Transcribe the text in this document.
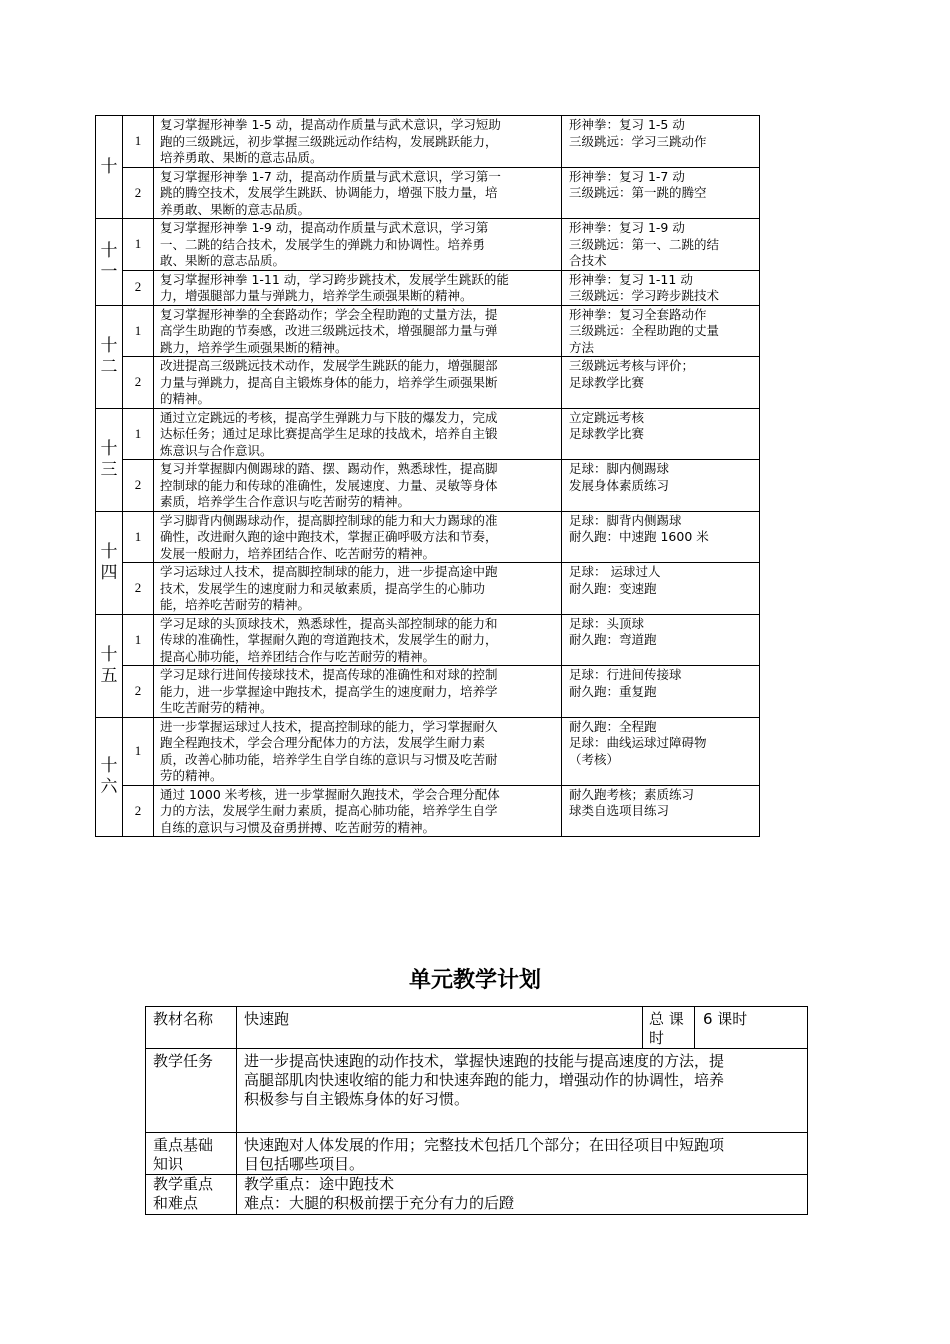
十	1	复习掌握形神拳 1-5 动，提高动作质量与武术意识，学习短助
跑的三级跳远，初步掌握三级跳远动作结构，发展跳跃能力，
培养勇敢、果断的意志品质。	形神拳：复习 1-5 动
三级跳远：学习三跳动作

	2	复习掌握形神拳 1-7 动，提高动作质量与武术意识，学习第一
跳的腾空技术，发展学生跳跃、协调能力，增强下肢力量，培
养勇敢、果断的意志品质。	形神拳：复习 1-7 动
三级跳远：第一跳的腾空

十
一	1	复习掌握形神拳 1-9 动，提高动作质量与武术意识，学习第
一、二跳的结合技术，发展学生的弹跳力和协调性。培养勇
敢、果断的意志品质。	形神拳：复习 1-9 动
三级跳远：第一、二跳的结
合技术

	2	复习掌握形神拳 1-11 动，学习跨步跳技术，发展学生跳跃的能
力，增强腿部力量与弹跳力，培养学生顽强果断的精神。	形神拳：复习 1-11 动
三级跳远：学习跨步跳技术

十
二	1	复习掌握形神拳的全套路动作；学会全程助跑的丈量方法，提
高学生助跑的节奏感，改进三级跳远技术，增强腿部力量与弹
跳力，培养学生顽强果断的精神。	形神拳：复习全套路动作
三级跳远：全程助跑的丈量
方法

	2	改进提高三级跳远技术动作，发展学生跳跃的能力，增强腿部
力量与弹跳力，提高自主锻炼身体的能力，培养学生顽强果断
的精神。	三级跳远考核与评价；
足球教学比赛

十
三	1	通过立定跳远的考核，提高学生弹跳力与下肢的爆发力，完成
达标任务；通过足球比赛提高学生足球的技战术，培养自主锻
炼意识与合作意识。	立定跳远考核
足球教学比赛

	2	复习并掌握脚内侧踢球的踏、摆、踢动作，熟悉球性，提高脚
控制球的能力和传球的准确性，发展速度、力量、灵敏等身体
素质，培养学生合作意识与吃苦耐劳的精神。	足球：脚内侧踢球
发展身体素质练习

十
四	1	学习脚背内侧踢球动作，提高脚控制球的能力和大力踢球的准
确性，改进耐久跑的途中跑技术，掌握正确呼吸方法和节奏，
发展一般耐力，培养团结合作、吃苦耐劳的精神。	足球：脚背内侧踢球
耐久跑：中速跑 1600 米

	2	学习运球过人技术，提高脚控制球的能力，进一步提高途中跑
技术，发展学生的速度耐力和灵敏素质，提高学生的心肺功
能，培养吃苦耐劳的精神。	足球： 运球过人
耐久跑：变速跑

十
五	1	学习足球的头顶球技术，熟悉球性，提高头部控制球的能力和
传球的准确性，掌握耐久跑的弯道跑技术，发展学生的耐力，
提高心肺功能，培养团结合作与吃苦耐劳的精神。	足球：头顶球
耐久跑：弯道跑

	2	学习足球行进间传接球技术，提高传球的准确性和对球的控制
能力，进一步掌握途中跑技术，提高学生的速度耐力，培养学
生吃苦耐劳的精神。	足球：行进间传接球
耐久跑：重复跑

十
六	1	进一步掌握运球过人技术，提高控制球的能力，学习掌握耐久
跑全程跑技术，学会合理分配体力的方法，发展学生耐力素
质，改善心肺功能，培养学生自学自练的意识与习惯及吃苦耐
劳的精神。	耐久跑：全程跑
足球：曲线运球过障碍物
（考核）

	2	通过 1000 米考核，进一步掌握耐久跑技术，学会合理分配体
力的方法，发展学生耐力素质，提高心肺功能，培养学生自学
自练的意识与习惯及奋勇拼搏、吃苦耐劳的精神。	耐久跑考核；素质练习
球类自选项目练习
单元教学计划
教材名称	快速跑	总 课
时	6 课时
教学任务	进一步提高快速跑的动作技术，掌握快速跑的技能与提高速度的方法，提
高腿部肌肉快速收缩的能力和快速奔跑的能力，增强动作的协调性，培养
积极参与自主锻炼身体的好习惯。		

重点基础
知识	快速跑对人体发展的作用；完整技术包括几个部分；在田径项目中短跑项
目包括哪些项目。		

教学重点
和难点	教学重点：途中跑技术
难点：大腿的积极前摆于充分有力的后蹬		
